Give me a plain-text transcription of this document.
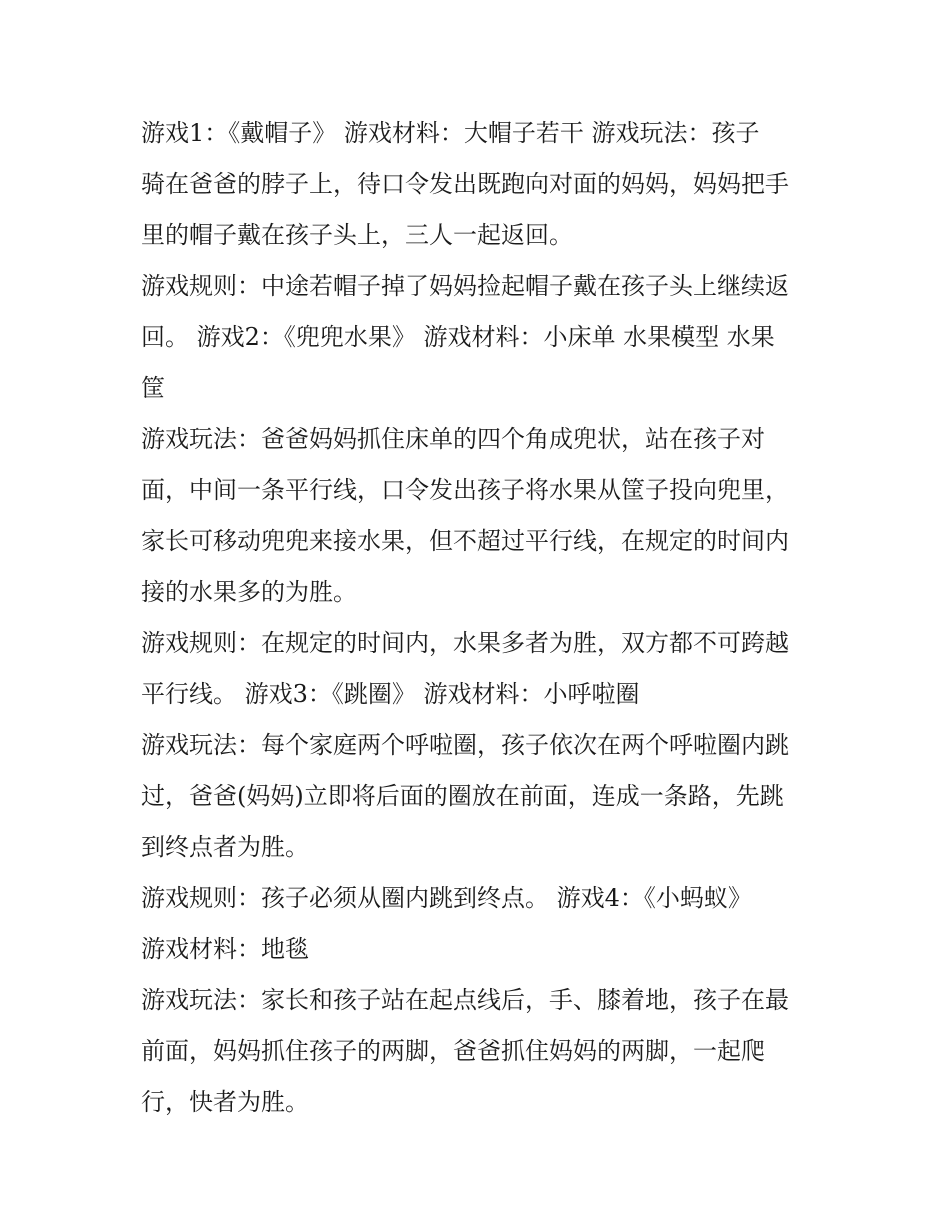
游戏1：《戴帽子》 游戏材料：大帽子若干 游戏玩法：孩子
骑在爸爸的脖子上，待口令发出既跑向对面的妈妈，妈妈把手
里的帽子戴在孩子头上，三人一起返回。
游戏规则：中途若帽子掉了妈妈捡起帽子戴在孩子头上继续返
回。 游戏2：《兜兜水果》 游戏材料：小床单 水果模型 水果
筐
游戏玩法：爸爸妈妈抓住床单的四个角成兜状，站在孩子对
面，中间一条平行线，口令发出孩子将水果从筐子投向兜里，
家长可移动兜兜来接水果，但不超过平行线，在规定的时间内
接的水果多的为胜。
游戏规则：在规定的时间内，水果多者为胜，双方都不可跨越
平行线。 游戏3：《跳圈》 游戏材料：小呼啦圈
游戏玩法：每个家庭两个呼啦圈，孩子依次在两个呼啦圈内跳
过，爸爸(妈妈)立即将后面的圈放在前面，连成一条路，先跳
到终点者为胜。
游戏规则：孩子必须从圈内跳到终点。 游戏4：《小蚂蚁》
游戏材料：地毯
游戏玩法：家长和孩子站在起点线后，手、膝着地，孩子在最
前面，妈妈抓住孩子的两脚，爸爸抓住妈妈的两脚，一起爬
行，快者为胜。
